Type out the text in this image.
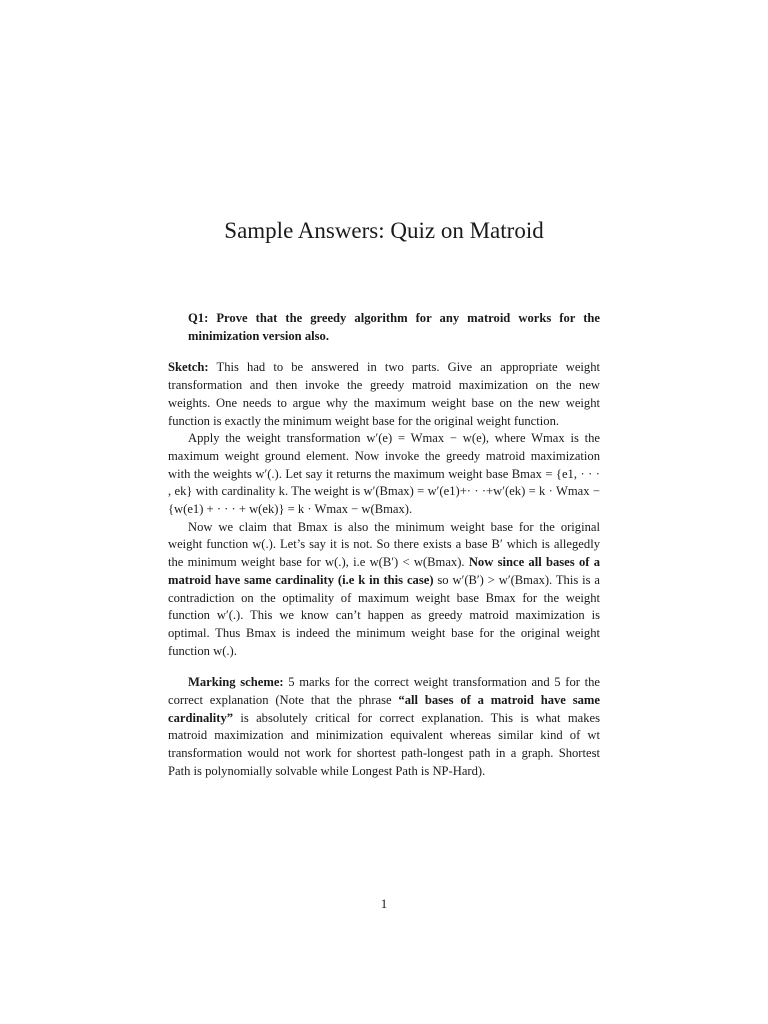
Sample Answers: Quiz on Matroid

Q1: Prove that the greedy algorithm for any matroid works for the minimization version also.

Sketch: This had to be answered in two parts. Give an appropriate weight transformation and then invoke the greedy matroid maximization on the new weights. One needs to argue why the maximum weight base on the new weight function is exactly the minimum weight base for the original weight function.

Apply the weight transformation w′(e) = Wmax − w(e), where Wmax is the maximum weight ground element. Now invoke the greedy matroid maximization with the weights w′(.). Let say it returns the maximum weight base Bmax = {e1, · · · , ek} with cardinality k. The weight is w′(Bmax) = w′(e1)+· · ·+w′(ek) = k · Wmax − {w(e1) + · · · + w(ek)} = k · Wmax − w(Bmax).

Now we claim that Bmax is also the minimum weight base for the original weight function w(.). Let’s say it is not. So there exists a base B′ which is allegedly the minimum weight base for w(.), i.e w(B′) < w(Bmax). Now since all bases of a matroid have same cardinality (i.e k in this case) so w′(B′) > w′(Bmax). This is a contradiction on the optimality of maximum weight base Bmax for the weight function w′(.). This we know can’t happen as greedy matroid maximization is optimal. Thus Bmax is indeed the minimum weight base for the original weight function w(.).

Marking scheme: 5 marks for the correct weight transformation and 5 for the correct explanation (Note that the phrase “all bases of a matroid have same cardinality” is absolutely critical for correct explanation. This is what makes matroid maximization and minimization equivalent whereas similar kind of wt transformation would not work for shortest path-longest path in a graph. Shortest Path is polynomially solvable while Longest Path is NP-Hard).

1
